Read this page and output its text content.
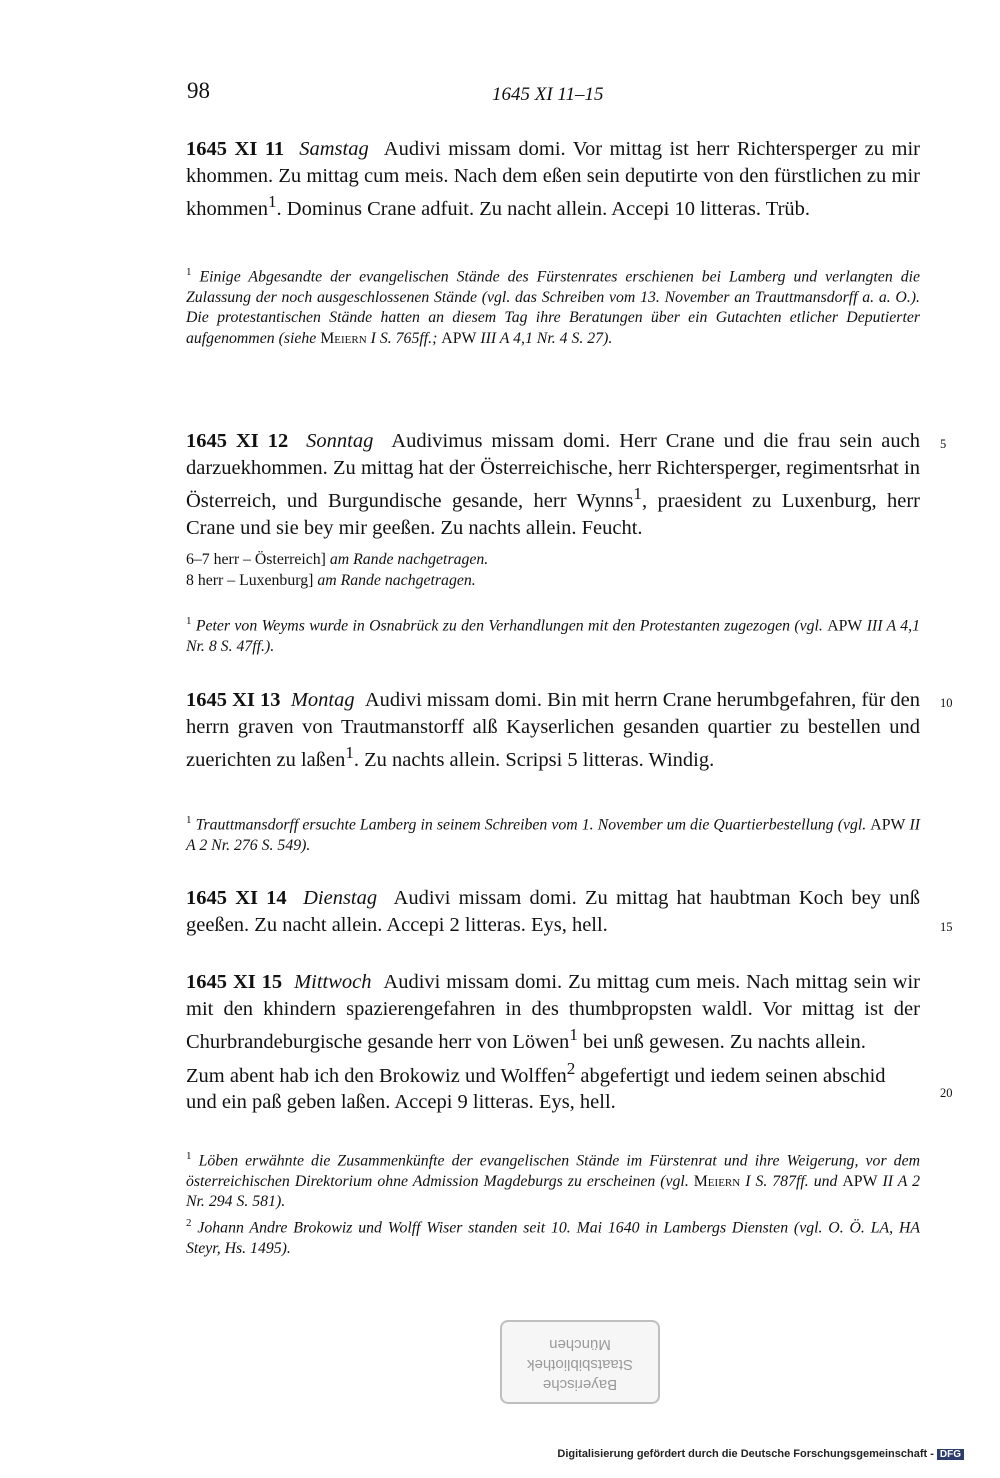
98	1645 XI 11–15

1645 XI 11 Samstag Audivi missam domi. Vor mittag ist herr Richtersperger zu mir khommen. Zu mittag cum meis. Nach dem eßen sein deputirte von den fürstlichen zu mir khommen$^1$. Dominus Crane adfuit. Zu nacht allein. Accepi 10 litteras. Trüb.

$^1$ Einige Abgesandte der evangelischen Stände des Fürstenrates erschienen bei Lamberg und verlangten die Zulassung der noch ausgeschlossenen Stände (vgl. das Schreiben vom 13. November an Trauttmansdorff a. a. O.). Die protestantischen Stände hatten an diesem Tag ihre Beratungen über ein Gutachten etlicher Deputierter aufgenommen (siehe Meiern I S. 765ff.; APW III A 4,1 Nr. 4 S. 27).

1645 XI 12 Sonntag Audivimus missam domi. Herr Crane und die frau sein auch darzuekhommen. Zu mittag hat der Österreichische, herr Richtersperger, regimentsrhat in Österreich, und Burgundische gesande, herr Wynns$^1$, praesident zu Luxenburg, herr Crane und sie bey mir geeßen. Zu nachts allein. Feucht.

5

6–7 herr – Österreich] am Rande nachgetragen.

8 herr – Luxenburg] am Rande nachgetragen.

$^1$ Peter von Weyms wurde in Osnabrück zu den Verhandlungen mit den Protestanten zugezogen (vgl. APW III A 4,1 Nr. 8 S. 47ff.).

1645 XI 13 Montag Audivi missam domi. Bin mit herrn Crane herumbgefahren, für den herrn graven von Trautmanstorff alß Kayserlichen gesanden quartier zu bestellen und zuerichten zu laßen$^1$. Zu nachts allein. Scripsi 5 litteras. Windig.

10

$^1$ Trauttmansdorff ersuchte Lamberg in seinem Schreiben vom 1. November um die Quartierbestellung (vgl. APW II A 2 Nr. 276 S. 549).

1645 XI 14 Dienstag Audivi missam domi. Zu mittag hat haubtman Koch bey unß geeßen. Zu nacht allein. Accepi 2 litteras. Eys, hell.	15

1645 XI 15 Mittwoch Audivi missam domi. Zu mittag cum meis. Nach mittag sein wir mit den khindern spazierengefahren in des thumbpropsten waldl. Vor mittag ist der Churbrandeburgische gesande herr von Löwen$^1$ bei unß gewesen. Zu nachts allein.

Zum abent hab ich den Brokowiz und Wolffen$^2$ abgefertigt und iedem seinen abschid und ein paß geben laßen. Accepi 9 litteras. Eys, hell.	20

$^1$ Löben erwähnte die Zusammenkünfte der evangelischen Stände im Fürstenrat und ihre Weigerung, vor dem österreichischen Direktorium ohne Admission Magdeburgs zu erscheinen (vgl. Meiern I S. 787ff. und APW II A 2 Nr. 294 S. 581).

$^2$ Johann Andre Brokowiz und Wolff Wiser standen seit 10. Mai 1640 in Lambergs Diensten (vgl. O. Ö. LA, HA Steyr, Hs. 1495).

Bayerische
Staatsbibliothek
München
Digitalisierung gefördert durch die Deutsche Forschungsgemeinschaft - DFG
